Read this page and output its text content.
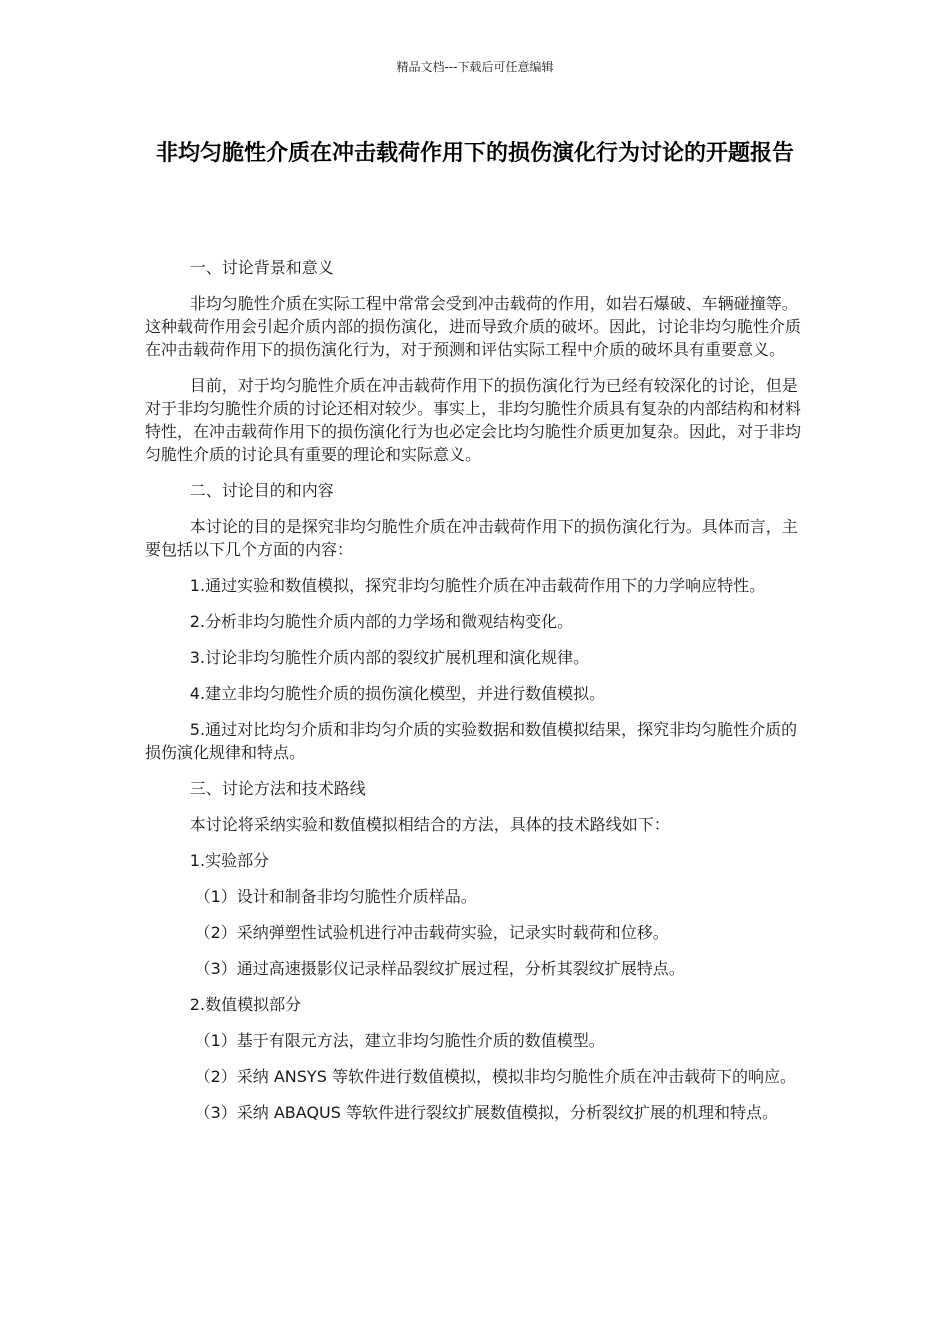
精品文档---下载后可任意编辑
非均匀脆性介质在冲击载荷作用下的损伤演化行为讨论的开题报告

一、讨论背景和意义

非均匀脆性介质在实际工程中常常会受到冲击载荷的作用，如岩石爆破、车辆碰撞等。这种载荷作用会引起介质内部的损伤演化，进而导致介质的破坏。因此，讨论非均匀脆性介质在冲击载荷作用下的损伤演化行为，对于预测和评估实际工程中介质的破坏具有重要意义。

目前，对于均匀脆性介质在冲击载荷作用下的损伤演化行为已经有较深化的讨论，但是对于非均匀脆性介质的讨论还相对较少。事实上，非均匀脆性介质具有复杂的内部结构和材料特性，在冲击载荷作用下的损伤演化行为也必定会比均匀脆性介质更加复杂。因此，对于非均匀脆性介质的讨论具有重要的理论和实际意义。

二、讨论目的和内容

本讨论的目的是探究非均匀脆性介质在冲击载荷作用下的损伤演化行为。具体而言，主要包括以下几个方面的内容：

1.通过实验和数值模拟，探究非均匀脆性介质在冲击载荷作用下的力学响应特性。

2.分析非均匀脆性介质内部的力学场和微观结构变化。

3.讨论非均匀脆性介质内部的裂纹扩展机理和演化规律。

4.建立非均匀脆性介质的损伤演化模型，并进行数值模拟。

5.通过对比均匀介质和非均匀介质的实验数据和数值模拟结果，探究非均匀脆性介质的损伤演化规律和特点。

三、讨论方法和技术路线

本讨论将采纳实验和数值模拟相结合的方法，具体的技术路线如下：

1.实验部分

（1）设计和制备非均匀脆性介质样品。

（2）采纳弹塑性试验机进行冲击载荷实验，记录实时载荷和位移。

（3）通过高速摄影仪记录样品裂纹扩展过程，分析其裂纹扩展特点。

2.数值模拟部分

（1）基于有限元方法，建立非均匀脆性介质的数值模型。

（2）采纳 ANSYS 等软件进行数值模拟，模拟非均匀脆性介质在冲击载荷下的响应。

（3）采纳 ABAQUS 等软件进行裂纹扩展数值模拟，分析裂纹扩展的机理和特点。
